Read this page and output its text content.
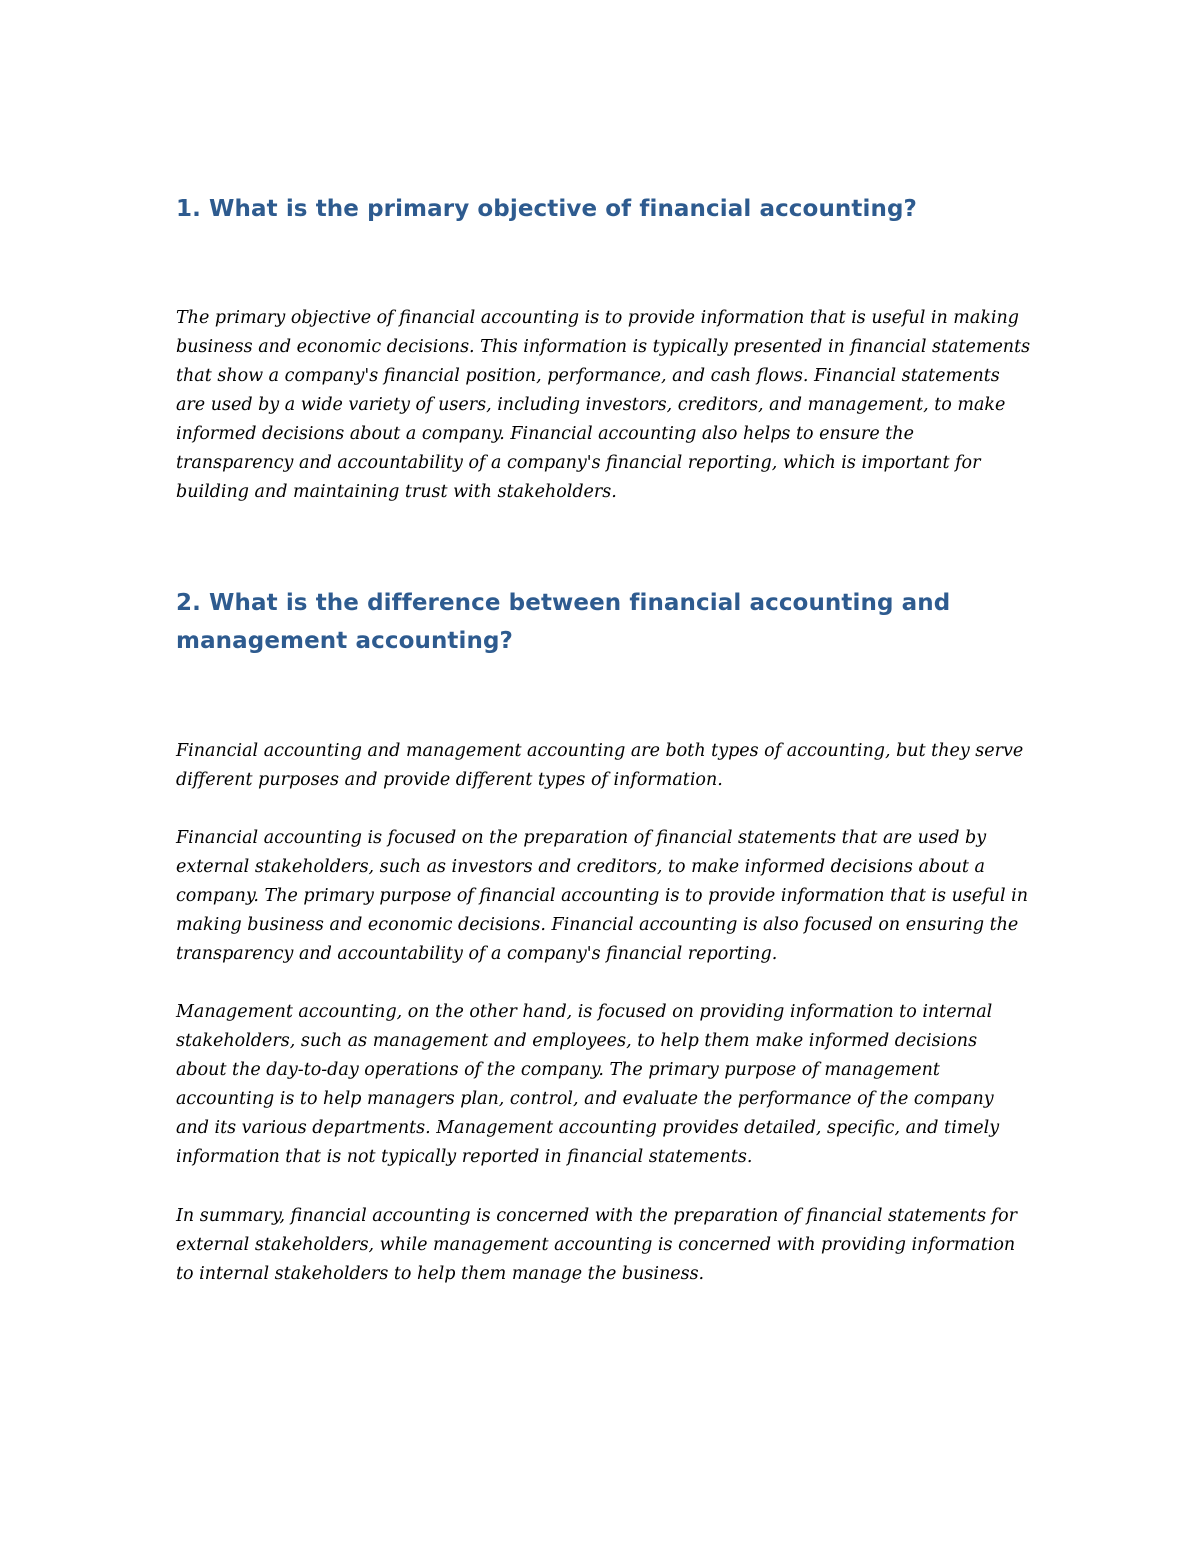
1. What is the primary objective of financial accounting?

The primary objective of financial accounting is to provide information that is useful in making business and economic decisions. This information is typically presented in financial statements that show a company's financial position, performance, and cash flows. Financial statements are used by a wide variety of users, including investors, creditors, and management, to make informed decisions about a company. Financial accounting also helps to ensure the transparency and accountability of a company's financial reporting, which is important for building and maintaining trust with stakeholders.

2. What is the difference between financial accounting and management accounting?

Financial accounting and management accounting are both types of accounting, but they serve different purposes and provide different types of information.

Financial accounting is focused on the preparation of financial statements that are used by external stakeholders, such as investors and creditors, to make informed decisions about a company. The primary purpose of financial accounting is to provide information that is useful in making business and economic decisions. Financial accounting is also focused on ensuring the transparency and accountability of a company's financial reporting.

Management accounting, on the other hand, is focused on providing information to internal stakeholders, such as management and employees, to help them make informed decisions about the day-to-day operations of the company. The primary purpose of management accounting is to help managers plan, control, and evaluate the performance of the company and its various departments. Management accounting provides detailed, specific, and timely information that is not typically reported in financial statements.

In summary, financial accounting is concerned with the preparation of financial statements for external stakeholders, while management accounting is concerned with providing information to internal stakeholders to help them manage the business.
